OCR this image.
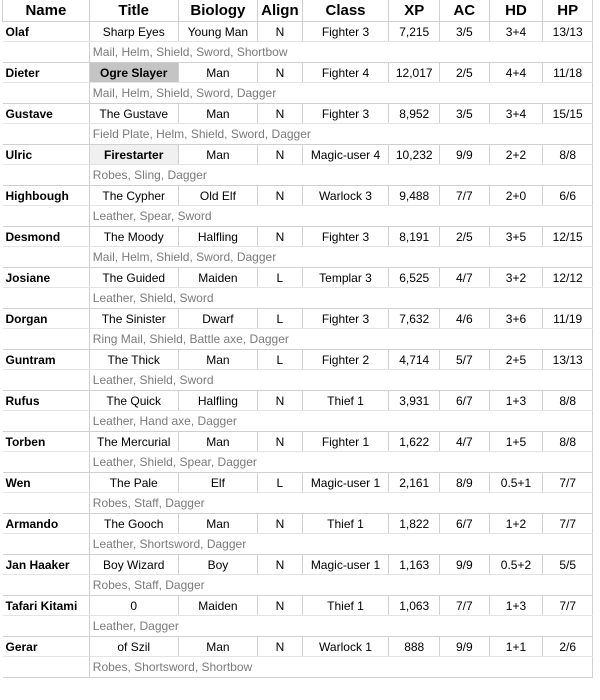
Name	Title	Biology	Align	Class	XP	AC	HD	HP
Olaf	Sharp Eyes	Young Man	N	Fighter 3	7,215	3/5	3+4	13/13
	Mail, Helm, Shield, Sword, Shortbow							
Dieter	Ogre Slayer	Man	N	Fighter 4	12,017	2/5	4+4	11/18
	Mail, Helm, Shield, Sword, Dagger							
Gustave	The Gustave	Man	N	Fighter 3	8,952	3/5	3+4	15/15
	Field Plate, Helm, Shield, Sword, Dagger							
Ulric	Firestarter	Man	N	Magic-user 4	10,232	9/9	2+2	8/8
	Robes, Sling, Dagger							
Highbough	The Cypher	Old Elf	N	Warlock 3	9,488	7/7	2+0	6/6
	Leather, Spear, Sword							
Desmond	The Moody	Halfling	N	Fighter 3	8,191	2/5	3+5	12/15
	Mail, Helm, Shield, Sword, Dagger							
Josiane	The Guided	Maiden	L	Templar 3	6,525	4/7	3+2	12/12
	Leather, Shield, Sword							
Dorgan	The Sinister	Dwarf	L	Fighter 3	7,632	4/6	3+6	11/19
	Ring Mail, Shield, Battle axe, Dagger							
Guntram	The Thick	Man	L	Fighter 2	4,714	5/7	2+5	13/13
	Leather, Shield, Sword							
Rufus	The Quick	Halfling	N	Thief 1	3,931	6/7	1+3	8/8
	Leather, Hand axe, Dagger							
Torben	The Mercurial	Man	N	Fighter 1	1,622	4/7	1+5	8/8
	Leather, Shield, Spear, Dagger							
Wen	The Pale	Elf	L	Magic-user 1	2,161	8/9	0.5+1	7/7
	Robes, Staff, Dagger							
Armando	The Gooch	Man	N	Thief 1	1,822	6/7	1+2	7/7
	Leather, Shortsword, Dagger							
Jan Haaker	Boy Wizard	Boy	N	Magic-user 1	1,163	9/9	0.5+2	5/5
	Robes, Staff, Dagger							
Tafari Kitami	0	Maiden	N	Thief 1	1,063	7/7	1+3	7/7
	Leather, Dagger							
Gerar	of Szil	Man	N	Warlock 1	888	9/9	1+1	2/6
	Robes, Shortsword, Shortbow							
